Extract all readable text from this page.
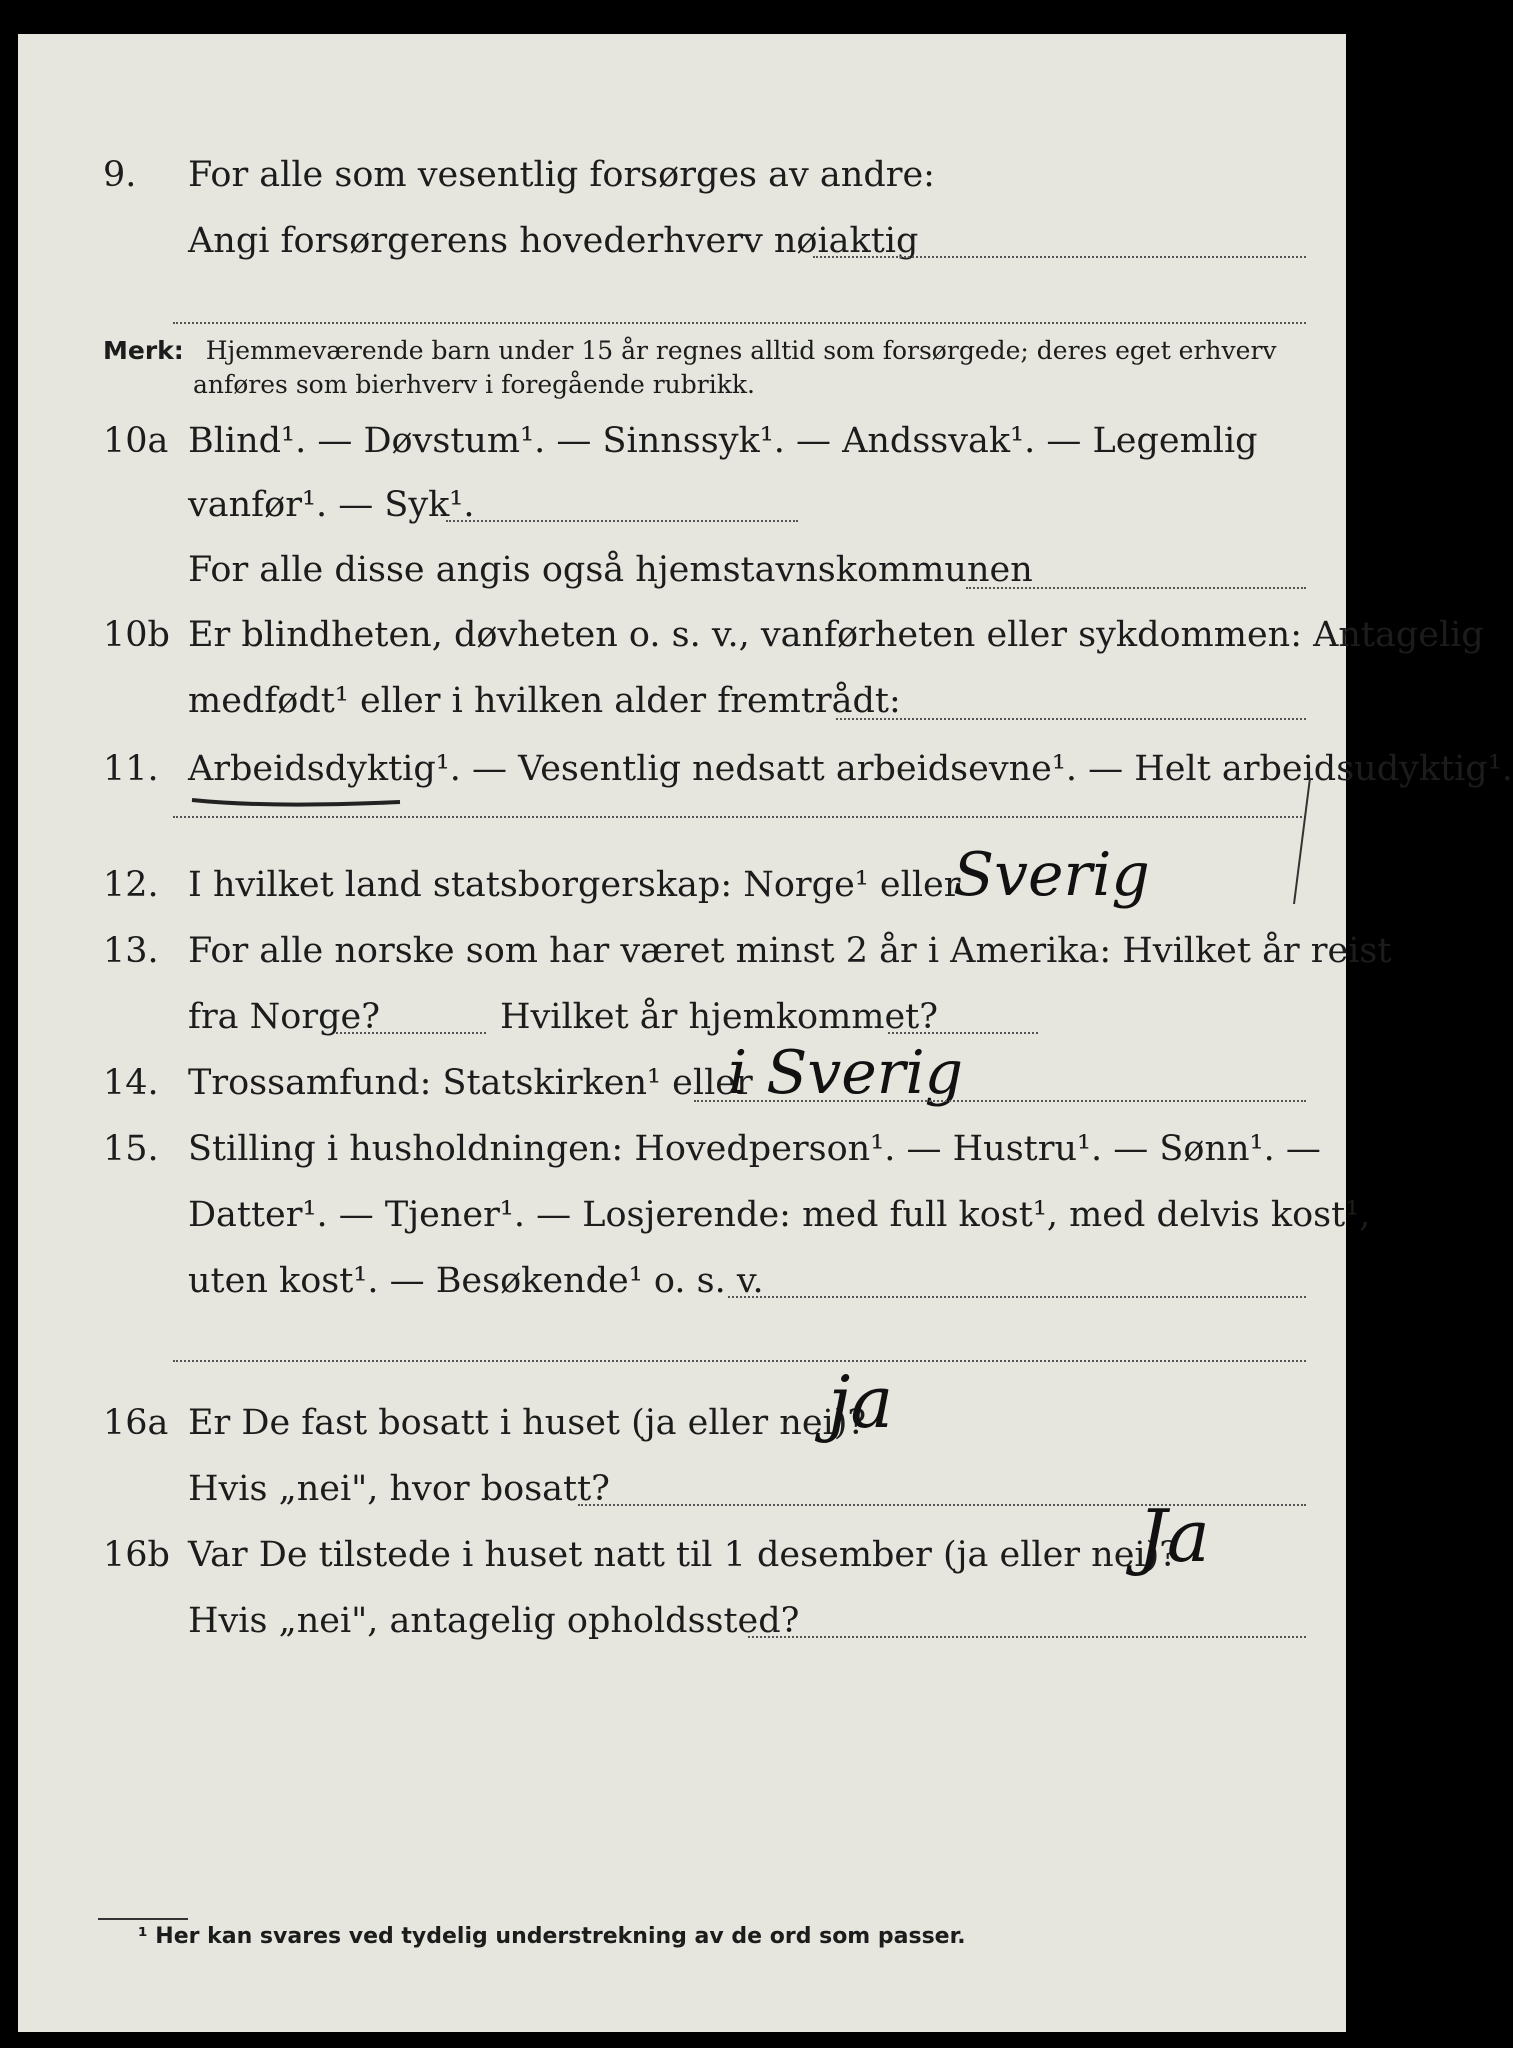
9. For alle som vesentlig forsørges av andre:
Angi forsørgerens hovederhverv nøiaktig
Merk: Hjemmeværende barn under 15 år regnes alltid som forsørgede; deres eget erhverv
anføres som bierhverv i foregående rubrikk.
10a Blind¹. — Døvstum¹. — Sinnssyk¹. — Andssvak¹. — Legemlig
vanfør¹. — Syk¹.
For alle disse angis også hjemstavnskommunen
10b Er blindheten, døvheten o. s. v., vanførheten eller sykdommen: Antagelig
medfødt¹ eller i hvilken alder fremtrådt:
11. Arbeidsdyktig¹. — Vesentlig nedsatt arbeidsevne¹. — Helt arbeidsudyktig¹.
12. I hvilket land statsborgerskap: Norge¹ eller
Sverig
13. For alle norske som har været minst 2 år i Amerika: Hvilket år reist
fra Norge?	Hvilket år hjemkommet?
14. Trossamfund: Statskirken¹ eller
i Sverig
15. Stilling i husholdningen: Hovedperson¹. — Hustru¹. — Sønn¹. —
Datter¹. — Tjener¹. — Losjerende: med full kost¹, med delvis kost¹,
uten kost¹. — Besøkende¹ o. s. v.
16a Er De fast bosatt i huset (ja eller nei)?
ja
Hvis „nei", hvor bosatt?
16b Var De tilstede i huset natt til 1 desember (ja eller nei)?
Ja
Hvis „nei", antagelig opholdssted?
¹ Her kan svares ved tydelig understrekning av de ord som passer.
